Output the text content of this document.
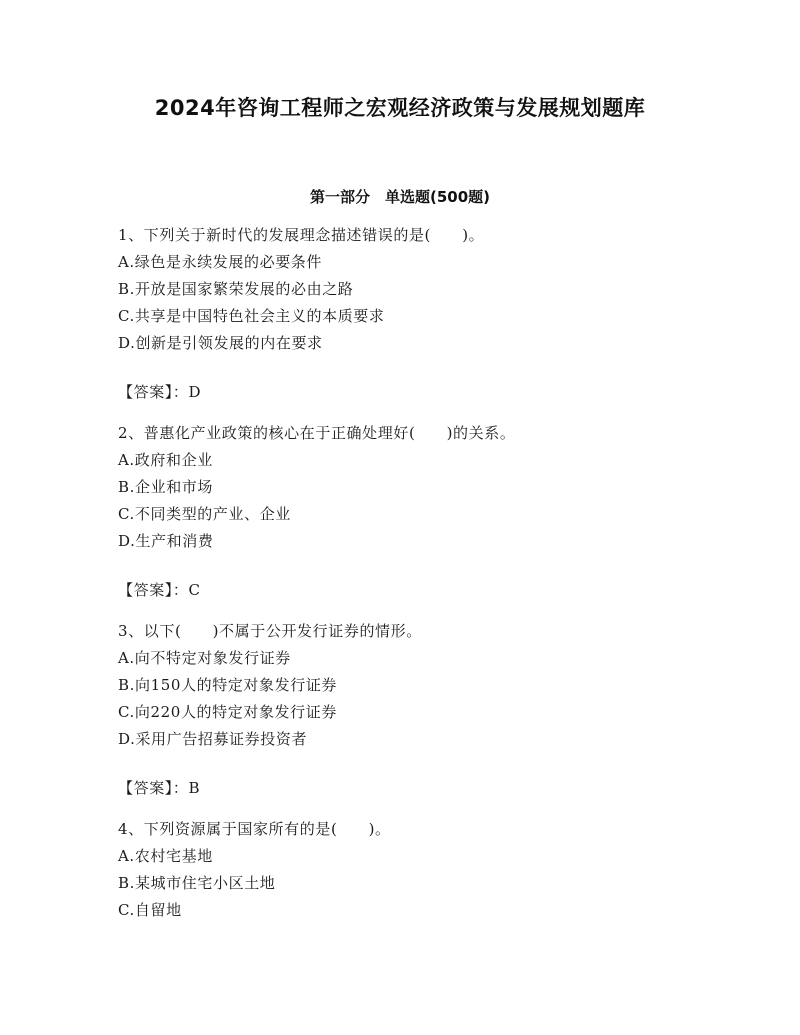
2024年咨询工程师之宏观经济政策与发展规划题库
第一部分　单选题(500题)
1、下列关于新时代的发展理念描述错误的是(　　)。
A.绿色是永续发展的必要条件
B.开放是国家繁荣发展的必由之路
C.共享是中国特色社会主义的本质要求
D.创新是引领发展的内在要求
【答案】：D
2、普惠化产业政策的核心在于正确处理好(　　)的关系。
A.政府和企业
B.企业和市场
C.不同类型的产业、企业
D.生产和消费
【答案】：C
3、以下(　　)不属于公开发行证券的情形。
A.向不特定对象发行证券
B.向150人的特定对象发行证券
C.向220人的特定对象发行证券
D.采用广告招募证券投资者
【答案】：B
4、下列资源属于国家所有的是(　　)。
A.农村宅基地
B.某城市住宅小区土地
C.自留地
